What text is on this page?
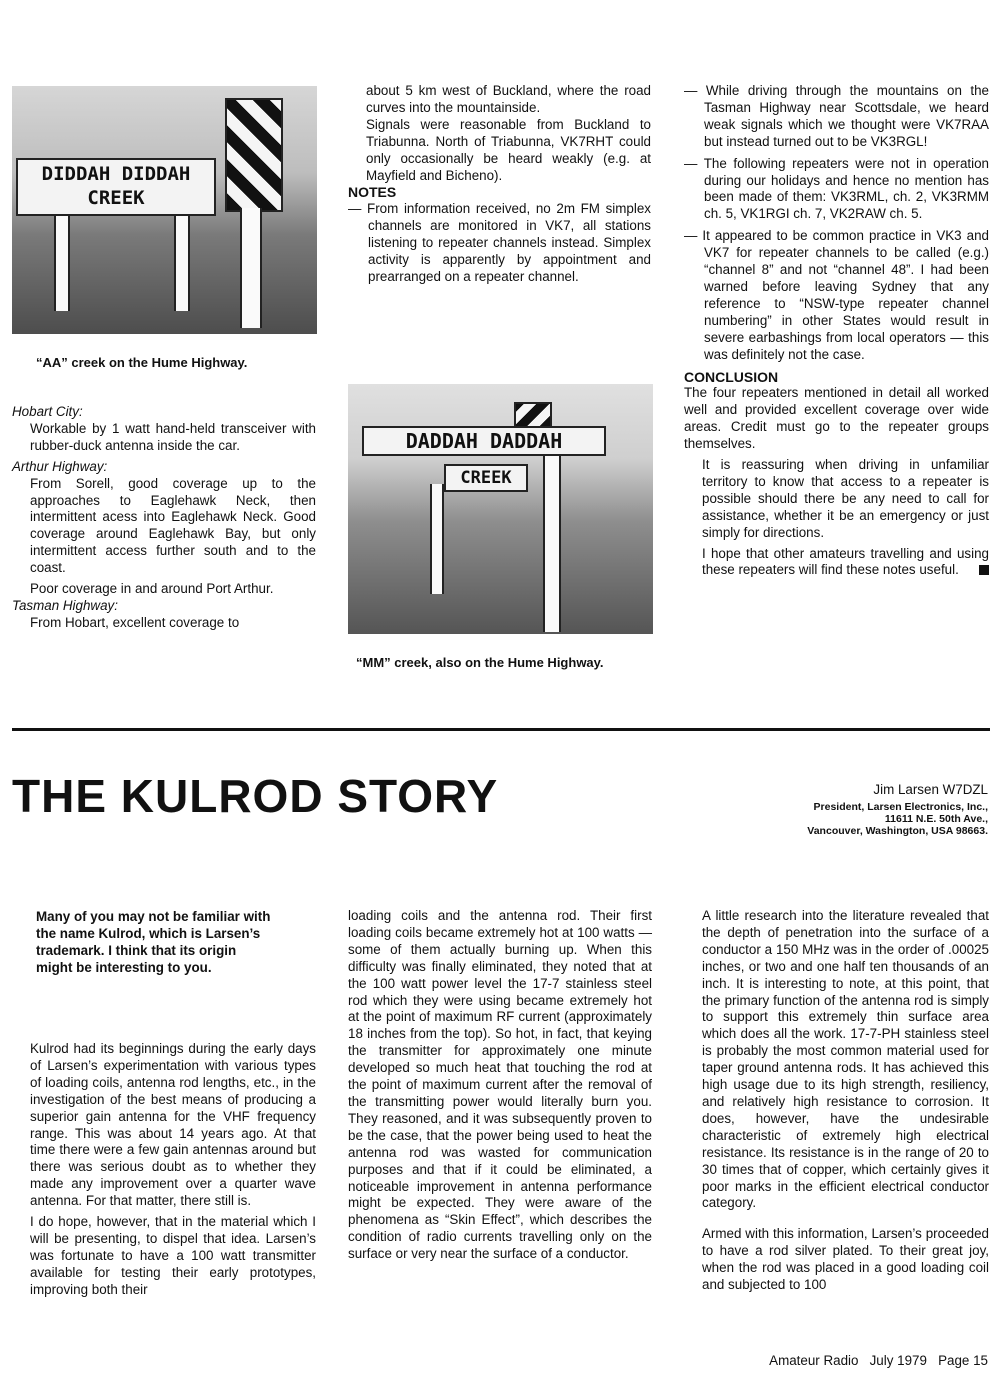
DIDDAH DIDDAH
CREEK
“AA” creek on the Hume Highway.

Hobart City:

Workable by 1 watt hand-held transceiver with rubber-duck antenna inside the car.

Arthur Highway:

From Sorell, good coverage up to the approaches to Eaglehawk Neck, then intermittent acess into Eaglehawk Neck. Good coverage around Eaglehawk Bay, but only intermittent access further south and to the coast.

Poor coverage in and around Port Arthur.

Tasman Highway:

From Hobart, excellent coverage to

about 5 km west of Buckland, where the road curves into the mountainside.

Signals were reasonable from Buckland to Triabunna. North of Triabunna, VK7RHT could only occasionally be heard weakly (e.g. at Mayfield and Bicheno).

NOTES

— From information received, no 2m FM simplex channels are monitored in VK7, all stations listening to repeater channels instead. Simplex activity is apparently by appointment and prearranged on a repeater channel.

DADDAH DADDAH
CREEK
“MM” creek, also on the Hume Highway.

— While driving through the mountains on the Tasman Highway near Scottsdale, we heard weak signals which we thought were VK7RAA but instead turned out to be VK3RGL!

— The following repeaters were not in operation during our holidays and hence no mention has been made of them: VK3RML, ch. 2, VK3RMM ch. 5, VK1RGI ch. 7, VK2RAW ch. 5.

— It appeared to be common practice in VK3 and VK7 for repeater channels to be called (e.g.) “channel 8” and not “channel 48”. I had been warned before leaving Sydney that any reference to “NSW-type repeater channel numbering” in other States would result in severe earbashings from local operators — this was definitely not the case.

CONCLUSION

The four repeaters mentioned in detail all worked well and provided excellent coverage over wide areas. Credit must go to the repeater groups themselves.

It is reassuring when driving in unfamiliar territory to know that access to a repeater is possible should there be any need to call for assistance, whether it be an emergency or just simply for directions.

I hope that other amateurs travelling and using these repeaters will find these notes useful.

THE KULROD STORY	Jim Larsen W7DZL
President, Larsen Electronics, Inc.,
11611 N.E. 50th Ave.,
Vancouver, Washington, USA 98663.
Many of you may not be familiar with the name Kulrod, which is Larsen’s trademark. I think that its origin might be interesting to you.

Kulrod had its beginnings during the early days of Larsen’s experimentation with various types of loading coils, antenna rod lengths, etc., in the investigation of the best means of producing a superior gain antenna for the VHF frequency range. This was about 14 years ago. At that time there were a few gain antennas around but there was serious doubt as to whether they made any improvement over a quarter wave antenna. For that matter, there still is.

I do hope, however, that in the material which I will be presenting, to dispel that idea. Larsen’s was fortunate to have a 100 watt transmitter available for testing their early prototypes, improving both their

loading coils and the antenna rod. Their first loading coils became extremely hot at 100 watts — some of them actually burning up. When this difficulty was finally eliminated, they noted that at the 100 watt power level the 17-7 stainless steel rod which they were using became extremely hot at the point of maximum RF current (approximately 18 inches from the top). So hot, in fact, that keying the transmitter for approximately one minute developed so much heat that touching the rod at the point of maximum current after the removal of the transmitting power would literally burn you. They reasoned, and it was subsequently proven to be the case, that the power being used to heat the antenna rod was wasted for communication purposes and that if it could be eliminated, a noticeable improvement in antenna performance might be expected. They were aware of the phenomena as “Skin Effect”, which describes the condition of radio currents travelling only on the surface or very near the surface of a conductor.

A little research into the literature revealed that the depth of penetration into the surface of a conductor a 150 MHz was in the order of .00025 inches, or two and one half ten thousands of an inch. It is interesting to note, at this point, that the primary function of the antenna rod is simply to support this extremely thin surface area which does all the work. 17-7-PH stainless steel is probably the most common material used for taper ground antenna rods. It has achieved this high usage due to its high strength, resiliency, and relatively high resistance to corrosion. It does, however, have the undesirable characteristic of extremely high electrical resistance. Its resistance is in the range of 20 to 30 times that of copper, which certainly gives it poor marks in the efficient electrical conductor category.

Armed with this information, Larsen’s proceeded to have a rod silver plated. To their great joy, when the rod was placed in a good loading coil and subjected to 100

Amateur Radio   July 1979   Page 15
